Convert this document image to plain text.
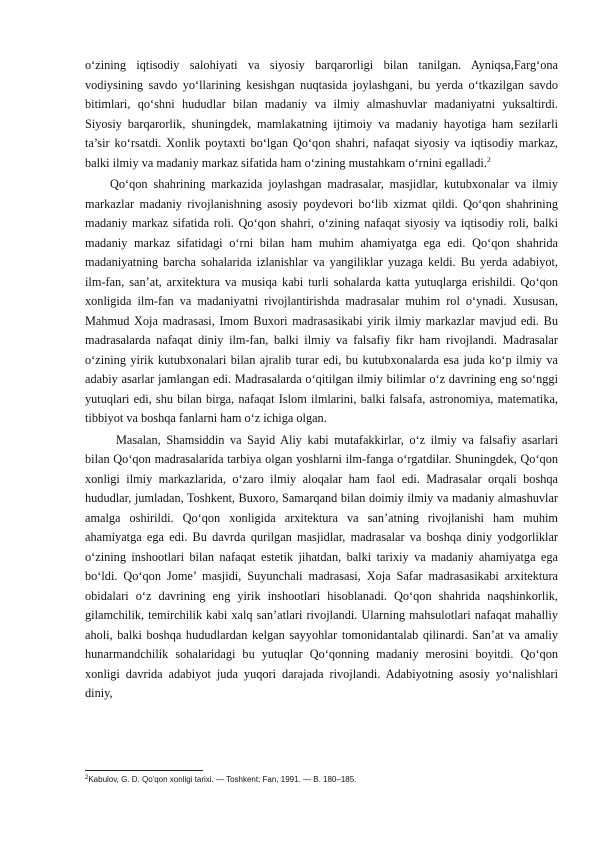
o‘zining iqtisodiy salohiyati va siyosiy barqarorligi bilan tanilgan. Ayniqsa,Farg‘ona vodiysining savdo yo‘llarining kesishgan nuqtasida joylashgani, bu yerda o‘tkazilgan savdo bitimlari, qo‘shni hududlar bilan madaniy va ilmiy almashuvlar madaniyatni yuksaltirdi. Siyosiy barqarorlik, shuningdek, mamlakatning ijtimoiy va madaniy hayotiga ham sezilarli ta’sir ko‘rsatdi. Xonlik poytaxti bo‘lgan Qo‘qon shahri, nafaqat siyosiy va iqtisodiy markaz, balki ilmiy va madaniy markaz sifatida ham o‘zining mustahkam o‘rnini egalladi.$^2$

Qo‘qon shahrining markazida joylashgan madrasalar, masjidlar, kutubxonalar va ilmiy markazlar madaniy rivojlanishning asosiy poydevori bo‘lib xizmat qildi. Qo‘qon shahrining madaniy markaz sifatida roli. Qo‘qon shahri, o‘zining nafaqat siyosiy va iqtisodiy roli, balki madaniy markaz sifatidagi o‘rni bilan ham muhim ahamiyatga ega edi. Qo‘qon shahrida madaniyatning barcha sohalarida izlanishlar va yangiliklar yuzaga keldi. Bu yerda adabiyot, ilm-fan, san’at, arxitektura va musiqa kabi turli sohalarda katta yutuqlarga erishildi. Qo‘qon xonligida ilm-fan va madaniyatni rivojlantirishda madrasalar muhim rol o‘ynadi. Xususan, Mahmud Xoja madrasasi, Imom Buxori madrasasikabi yirik ilmiy markazlar mavjud edi. Bu madrasalarda nafaqat diniy ilm-fan, balki ilmiy va falsafiy fikr ham rivojlandi. Madrasalar o‘zining yirik kutubxonalari bilan ajralib turar edi, bu kutubxonalarda esa juda ko‘p ilmiy va adabiy asarlar jamlangan edi. Madrasalarda o‘qitilgan ilmiy bilimlar o‘z davrining eng so‘nggi yutuqlari edi, shu bilan birga, nafaqat Islom ilmlarini, balki falsafa, astronomiya, matematika, tibbiyot va boshqa fanlarni ham o‘z ichiga olgan.

Masalan, Shamsiddin va Sayid Aliy kabi mutafakkirlar, o‘z ilmiy va falsafiy asarlari bilan Qo‘qon madrasalarida tarbiya olgan yoshlarni ilm-fanga o‘rgatdilar. Shuningdek, Qo‘qon xonligi ilmiy markazlarida, o‘zaro ilmiy aloqalar ham faol edi. Madrasalar orqali boshqa hududlar, jumladan, Toshkent, Buxoro, Samarqand bilan doimiy ilmiy va madaniy almashuvlar amalga oshirildi. Qo‘qon xonligida arxitektura va san’atning rivojlanishi ham muhim ahamiyatga ega edi. Bu davrda qurilgan masjidlar, madrasalar va boshqa diniy yodgorliklar o‘zining inshootlari bilan nafaqat estetik jihatdan, balki tarixiy va madaniy ahamiyatga ega bo‘ldi. Qo‘qon Jome’ masjidi, Suyunchali madrasasi, Xoja Safar madrasasikabi arxitektura obidalari o‘z davrining eng yirik inshootlari hisoblanadi. Qo‘qon shahrida naqshinkorlik, gilamchilik, temirchilik kabi xalq san’atlari rivojlandi. Ularning mahsulotlari nafaqat mahalliy aholi, balki boshqa hududlardan kelgan sayyohlar tomonidantalab qilinardi. San’at va amaliy hunarmandchilik sohalaridagi bu yutuqlar Qo‘qonning madaniy merosini boyitdi. Qo‘qon xonligi davrida adabiyot juda yuqori darajada rivojlandi. Adabiyotning asosiy yo‘nalishlari diniy,

$^2$Kabulov, G. D. Qo'qon xonligi tarixi. — Toshkent: Fan, 1991. — B. 180–185.
